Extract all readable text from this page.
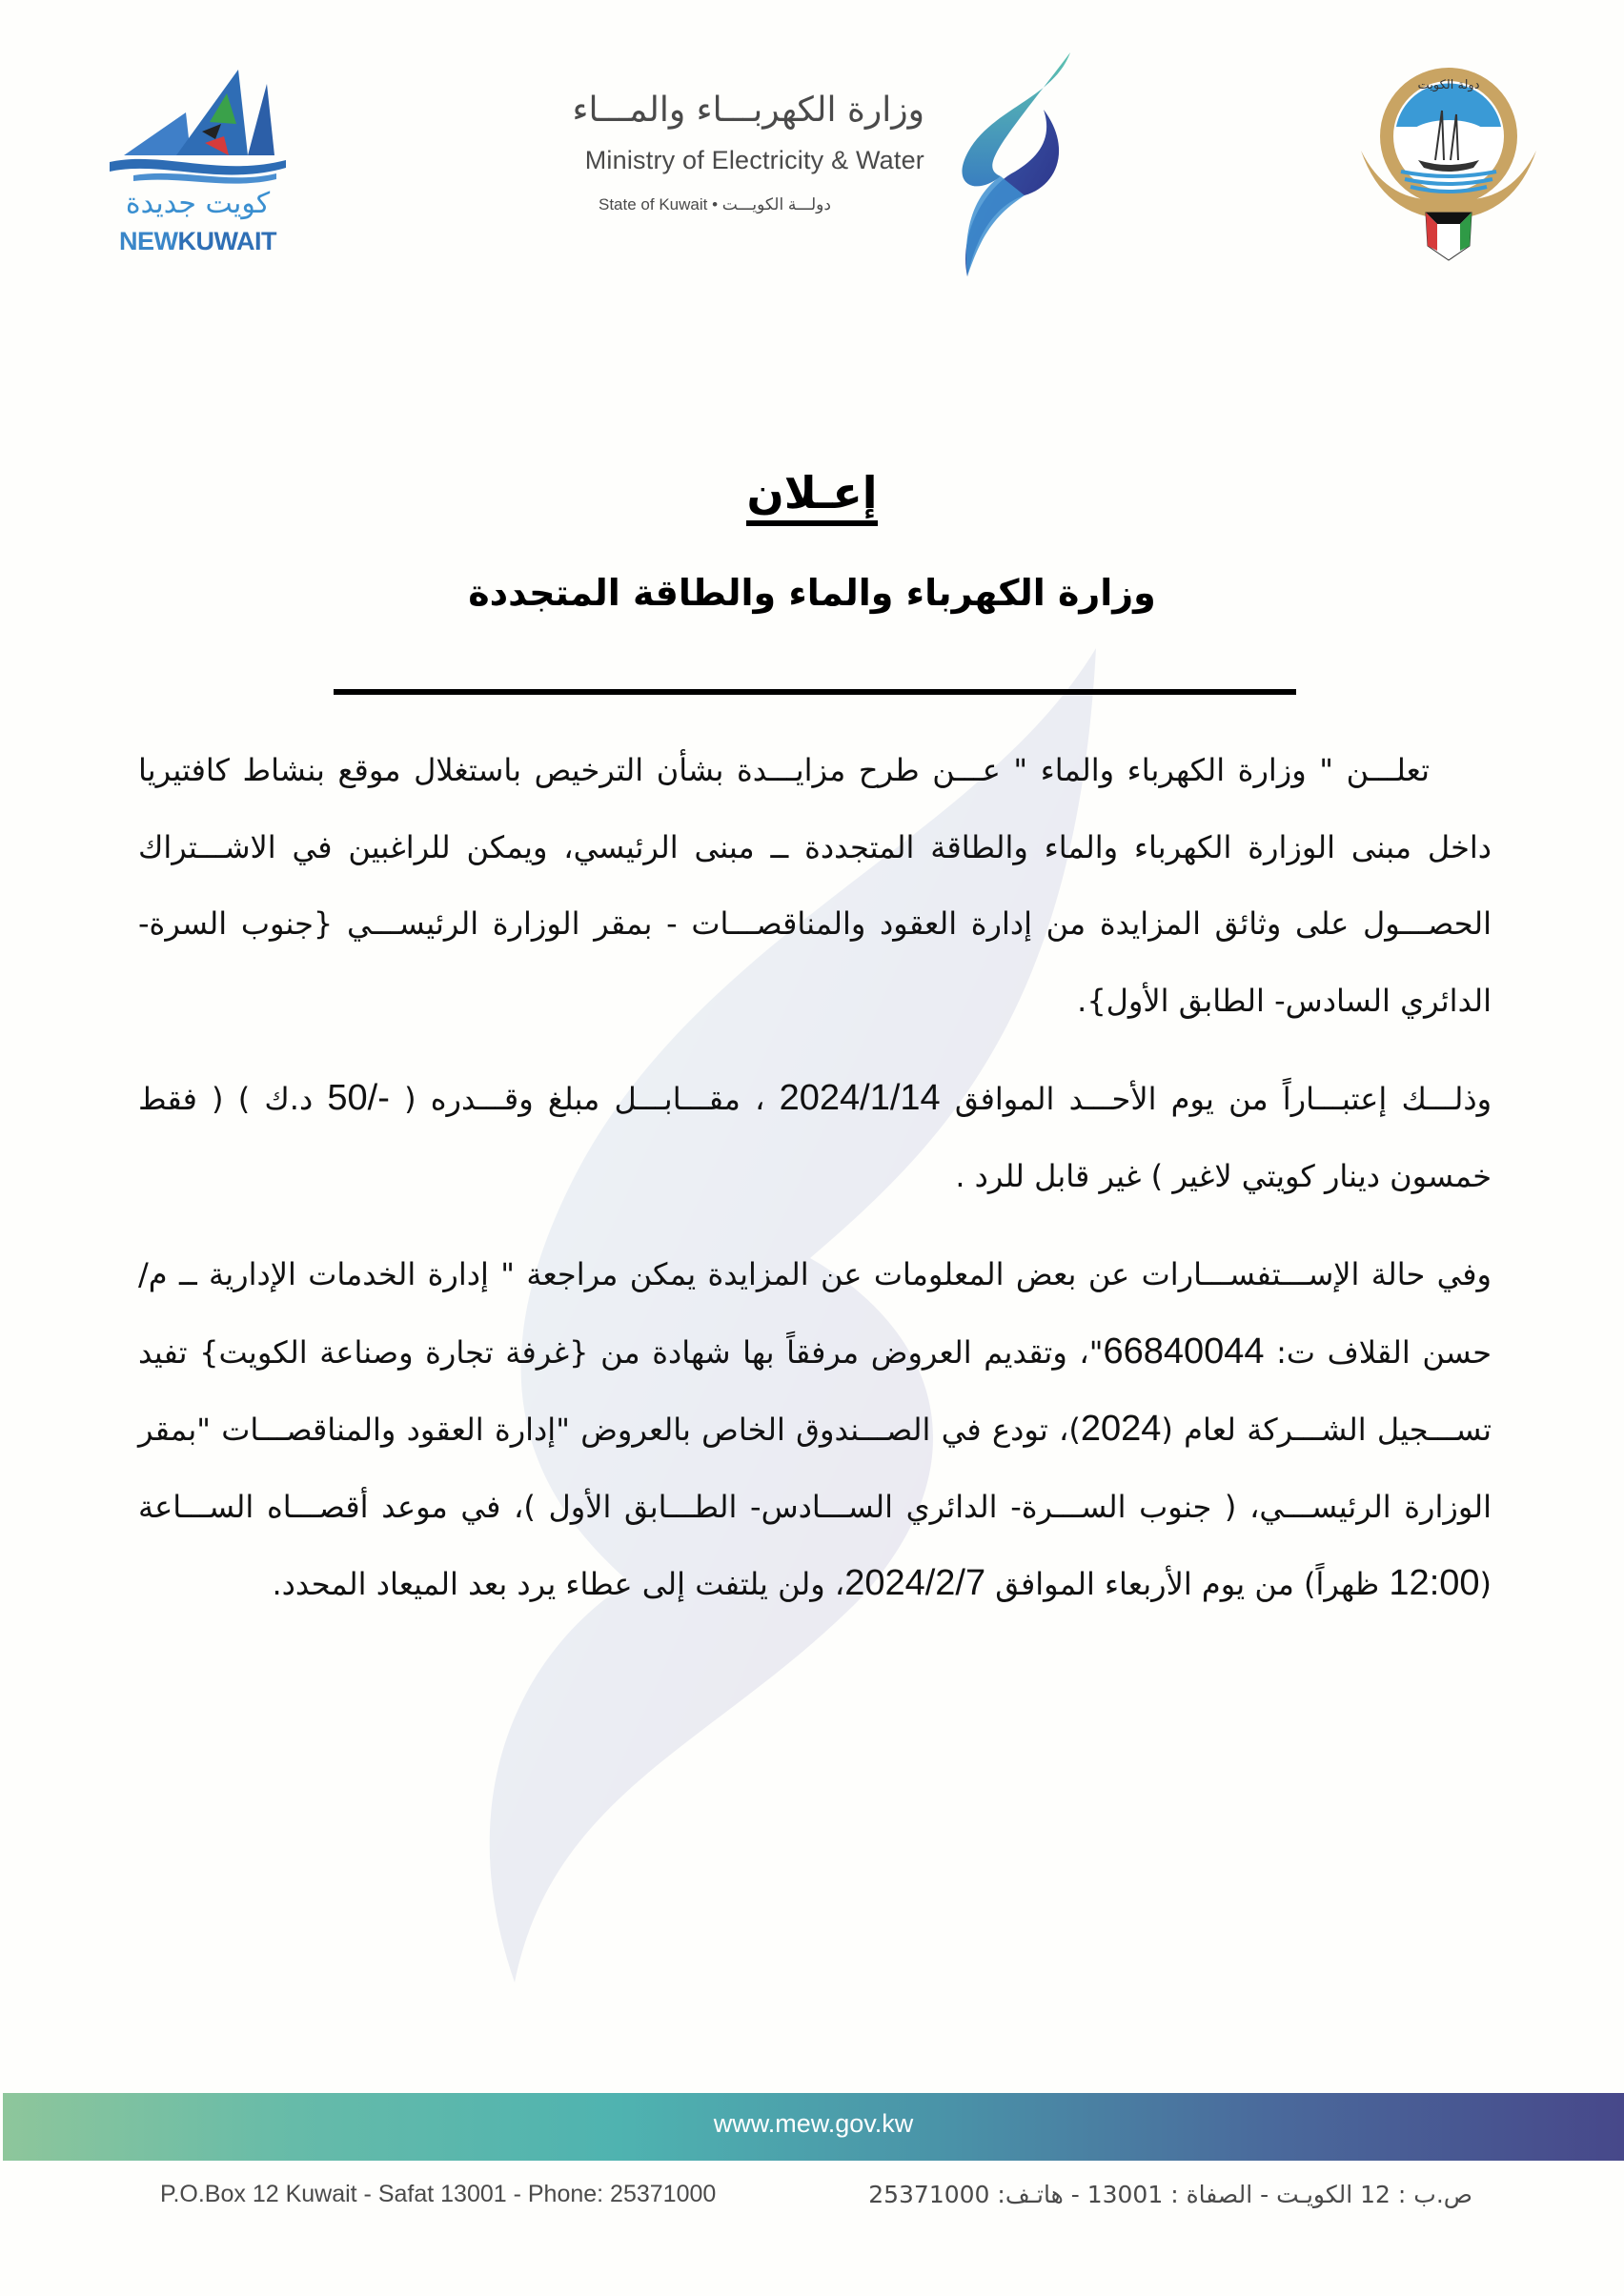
كويت جديدة
NEWKUWAIT
وزارة الكهربـــاء والمـــاء
Ministry of Electricity & Water
State of Kuwait • دولـــة الكويـــت
دولة الكويت
إعـلان
وزارة الكهرباء والماء والطاقة المتجددة
تعلـــن " وزارة الكهرباء والماء " عـــن طرح مزايـــدة بشأن الترخيص باستغلال موقع بنشاط كافتيريا داخل مبنى الوزارة الكهرباء والماء والطاقة المتجددة ــ مبنى الرئيسي، ويمكن للراغبين في الاشـــتراك الحصـــول على وثائق المزايدة من إدارة العقود والمناقصـــات - بمقر الوزارة الرئيســـي {جنوب السرة- الدائري السادس- الطابق الأول}.
وذلـــك إعتبـــاراً من يوم الأحـــد الموافق 2024/1/14 ، مقـــابـــل مبلغ وقـــدره ( -/50 د.ك ) ( فقط خمسون دينار كويتي لاغير ) غير قابل للرد .
وفي حالة الإســـتفســـارات عن بعض المعلومات عن المزايدة يمكن مراجعة " إدارة الخدمات الإدارية ــ م/ حسن القلاف ت: 66840044"، وتقديم العروض مرفقاً بها شهادة من {غرفة تجارة وصناعة الكويت} تفيد تســـجيل الشـــركة لعام (2024)، تودع في الصـــندوق الخاص بالعروض "إدارة العقود والمناقصـــات "بمقر الوزارة الرئيســـي، ( جنوب الســـرة- الدائري الســـادس- الطـــابق الأول )، في موعد أقصـــاه الســـاعة (12:00 ظهراً) من يوم الأربعاء الموافق 2024/2/7، ولن يلتفت إلى عطاء يرد بعد الميعاد المحدد.
www.mew.gov.kw
P.O.Box 12 Kuwait - Safat 13001 - Phone: 25371000	ص.ب : 12 الكويـت - الصفاة : 13001 - هاتـف: 25371000
